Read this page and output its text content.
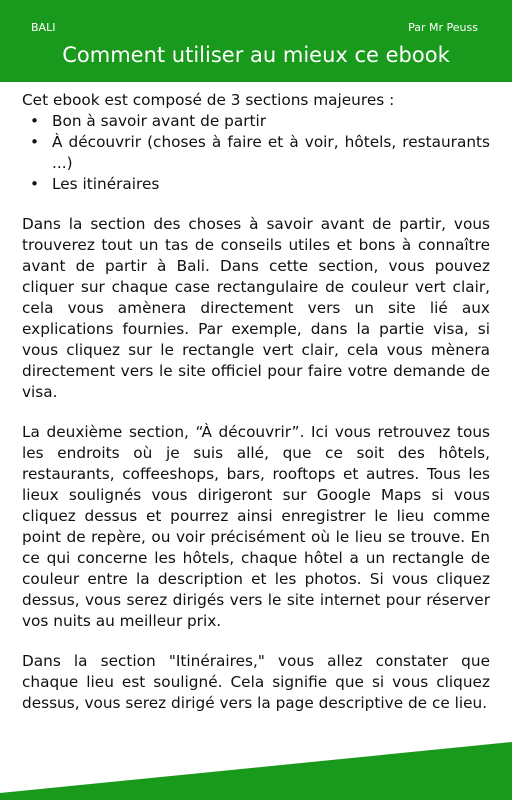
BALI	Par Mr Peuss
Comment utiliser au mieux ce ebook

Cet ebook est composé de 3 sections majeures :

• Bon à savoir avant de partir
• À découvrir (choses à faire et à voir, hôtels, restaurants ...)
• Les itinéraires

Dans la section des choses à savoir avant de partir, vous trouverez tout un tas de conseils utiles et bons à connaître avant de partir à Bali. Dans cette section, vous pouvez cliquer sur chaque case rectangulaire de couleur vert clair, cela vous amènera directement vers un site lié aux explications fournies. Par exemple, dans la partie visa, si vous cliquez sur le rectangle vert clair, cela vous mènera directement vers le site officiel pour faire votre demande de visa.

La deuxième section, “À découvrir”. Ici vous retrouvez tous les endroits où je suis allé, que ce soit des hôtels, restaurants, coffeeshops, bars, rooftops et autres. Tous les lieux soulignés vous dirigeront sur Google Maps si vous cliquez dessus et pourrez ainsi enregistrer le lieu comme point de repère, ou voir précisément où le lieu se trouve. En ce qui concerne les hôtels, chaque hôtel a un rectangle de couleur entre la description et les photos. Si vous cliquez dessus, vous serez dirigés vers le site internet pour réserver vos nuits au meilleur prix.

Dans la section "Itinéraires," vous allez constater que chaque lieu est souligné. Cela signifie que si vous cliquez dessus, vous serez dirigé vers la page descriptive de ce lieu.
